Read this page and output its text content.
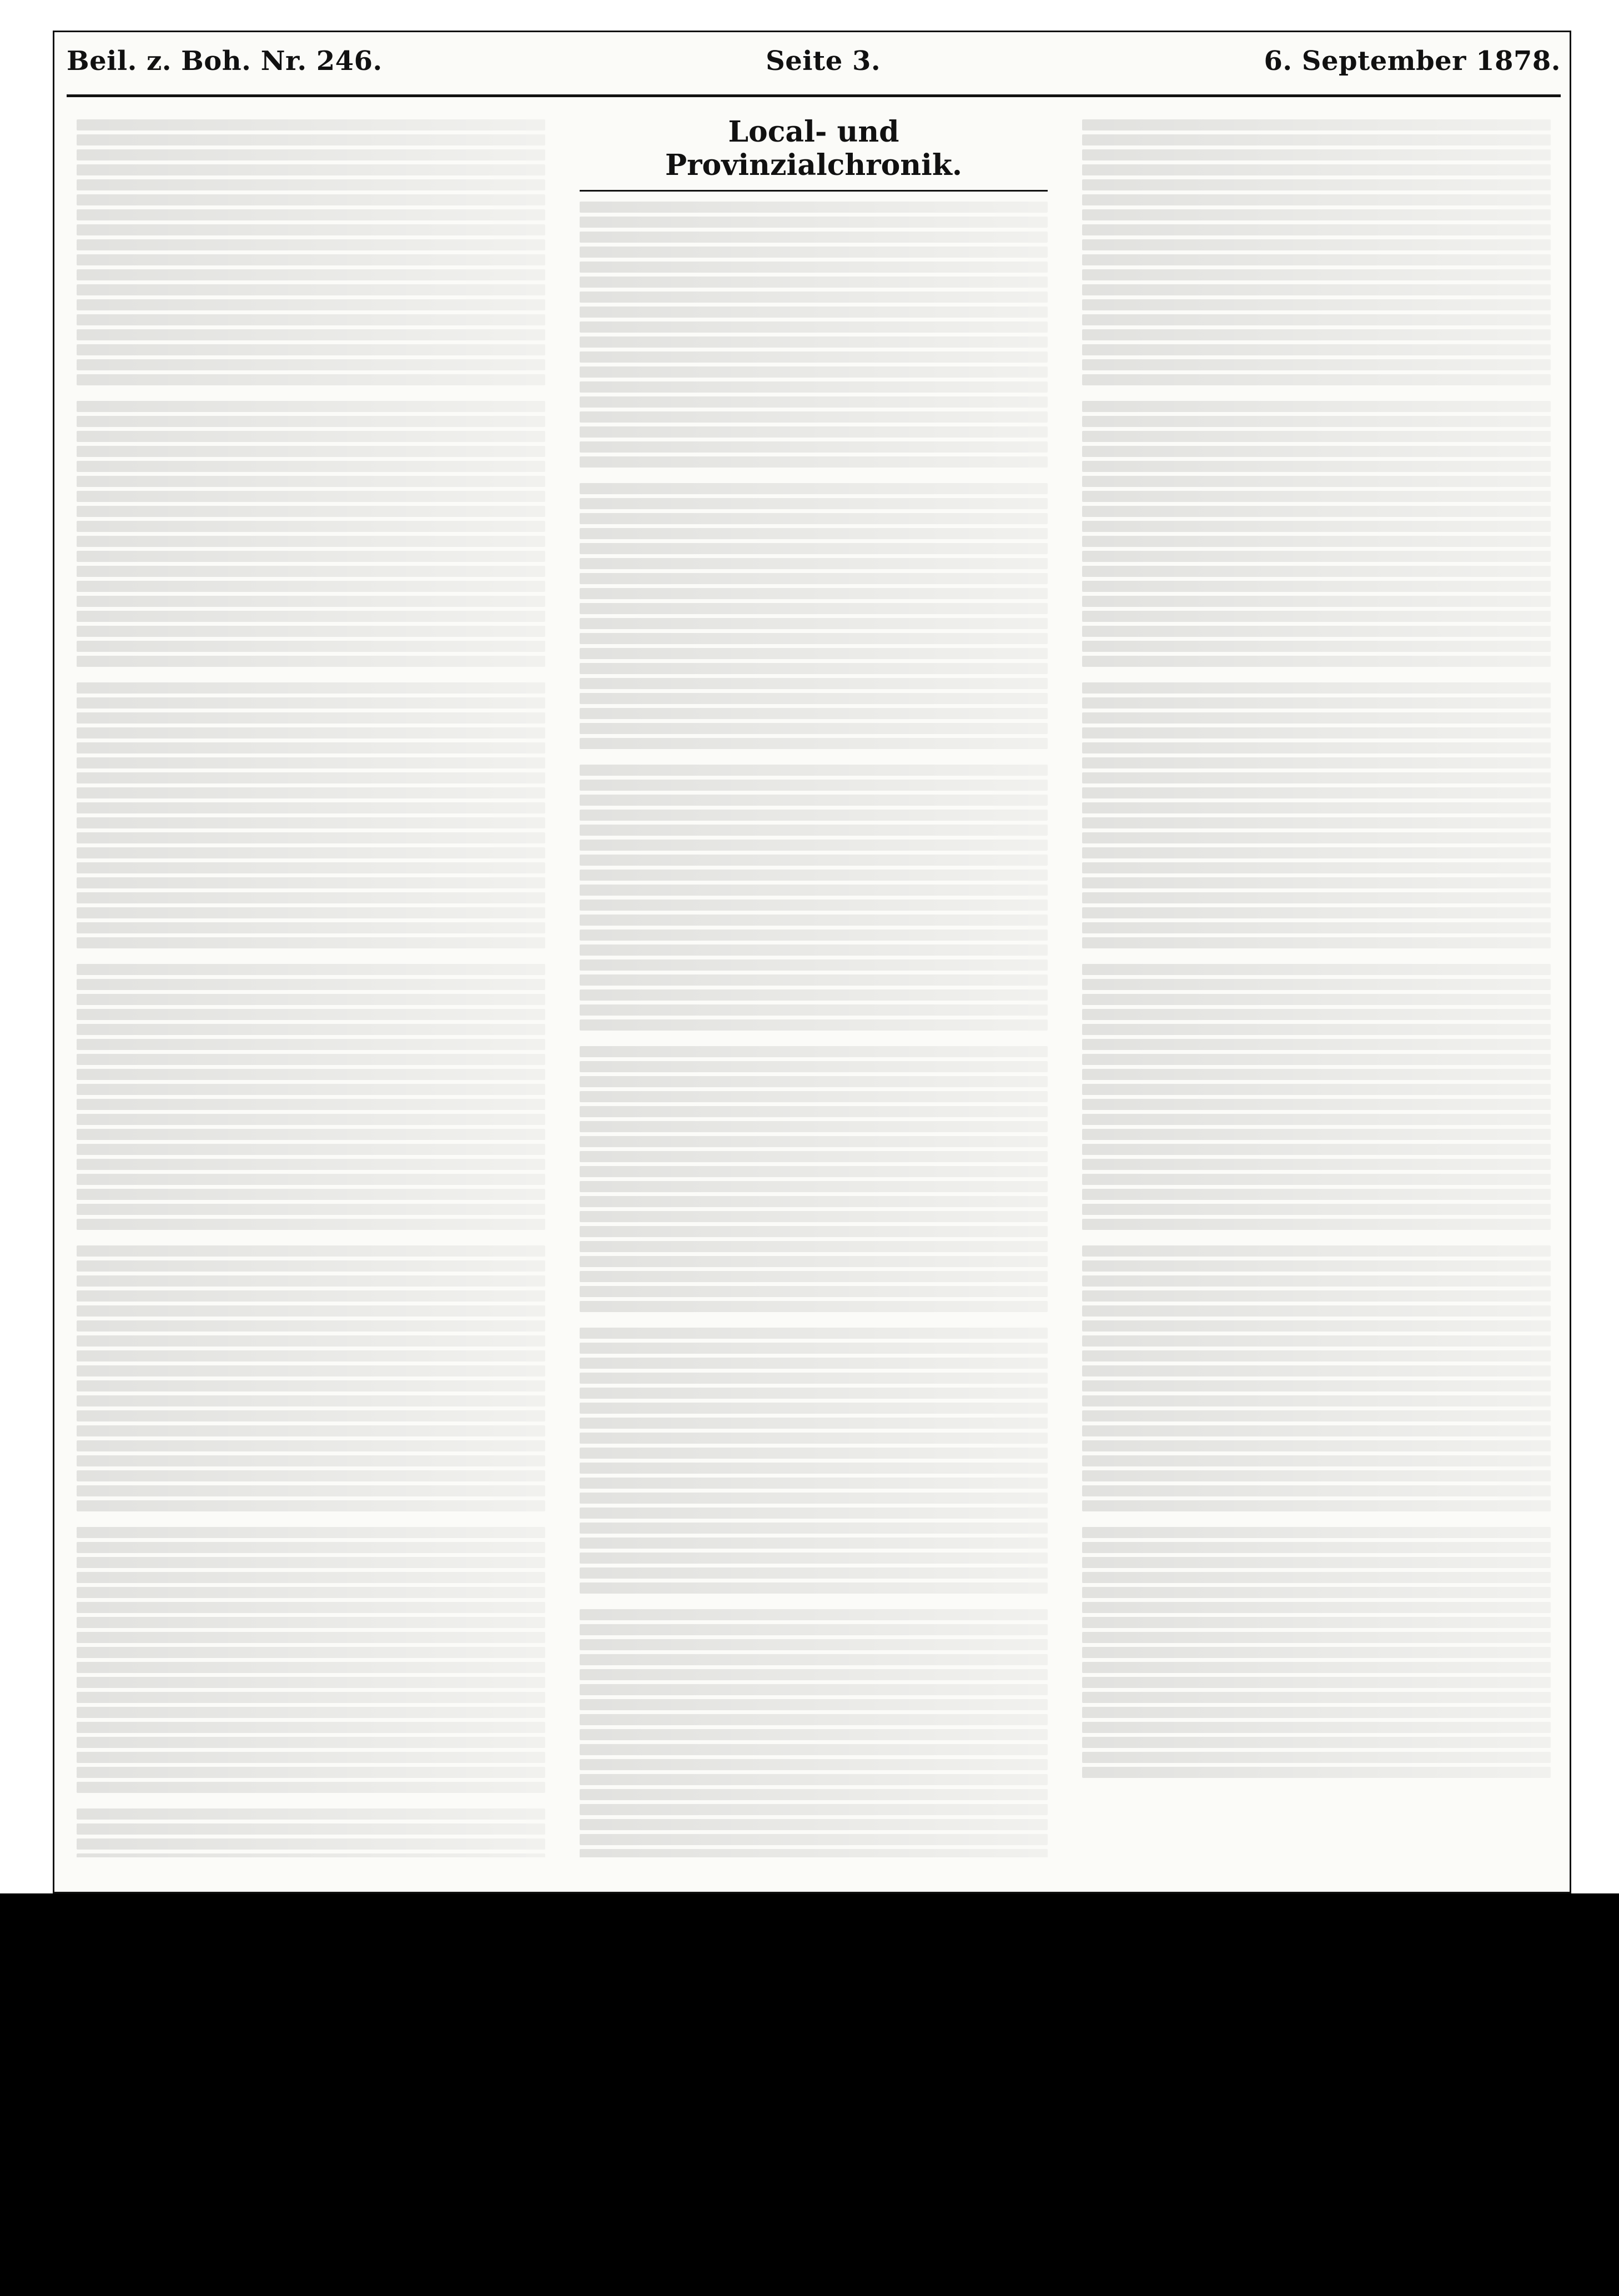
Beil. z. Boh. Nr. 246.	Seite 3.	6. September 1878.
Local- und Provinzialchronik.
